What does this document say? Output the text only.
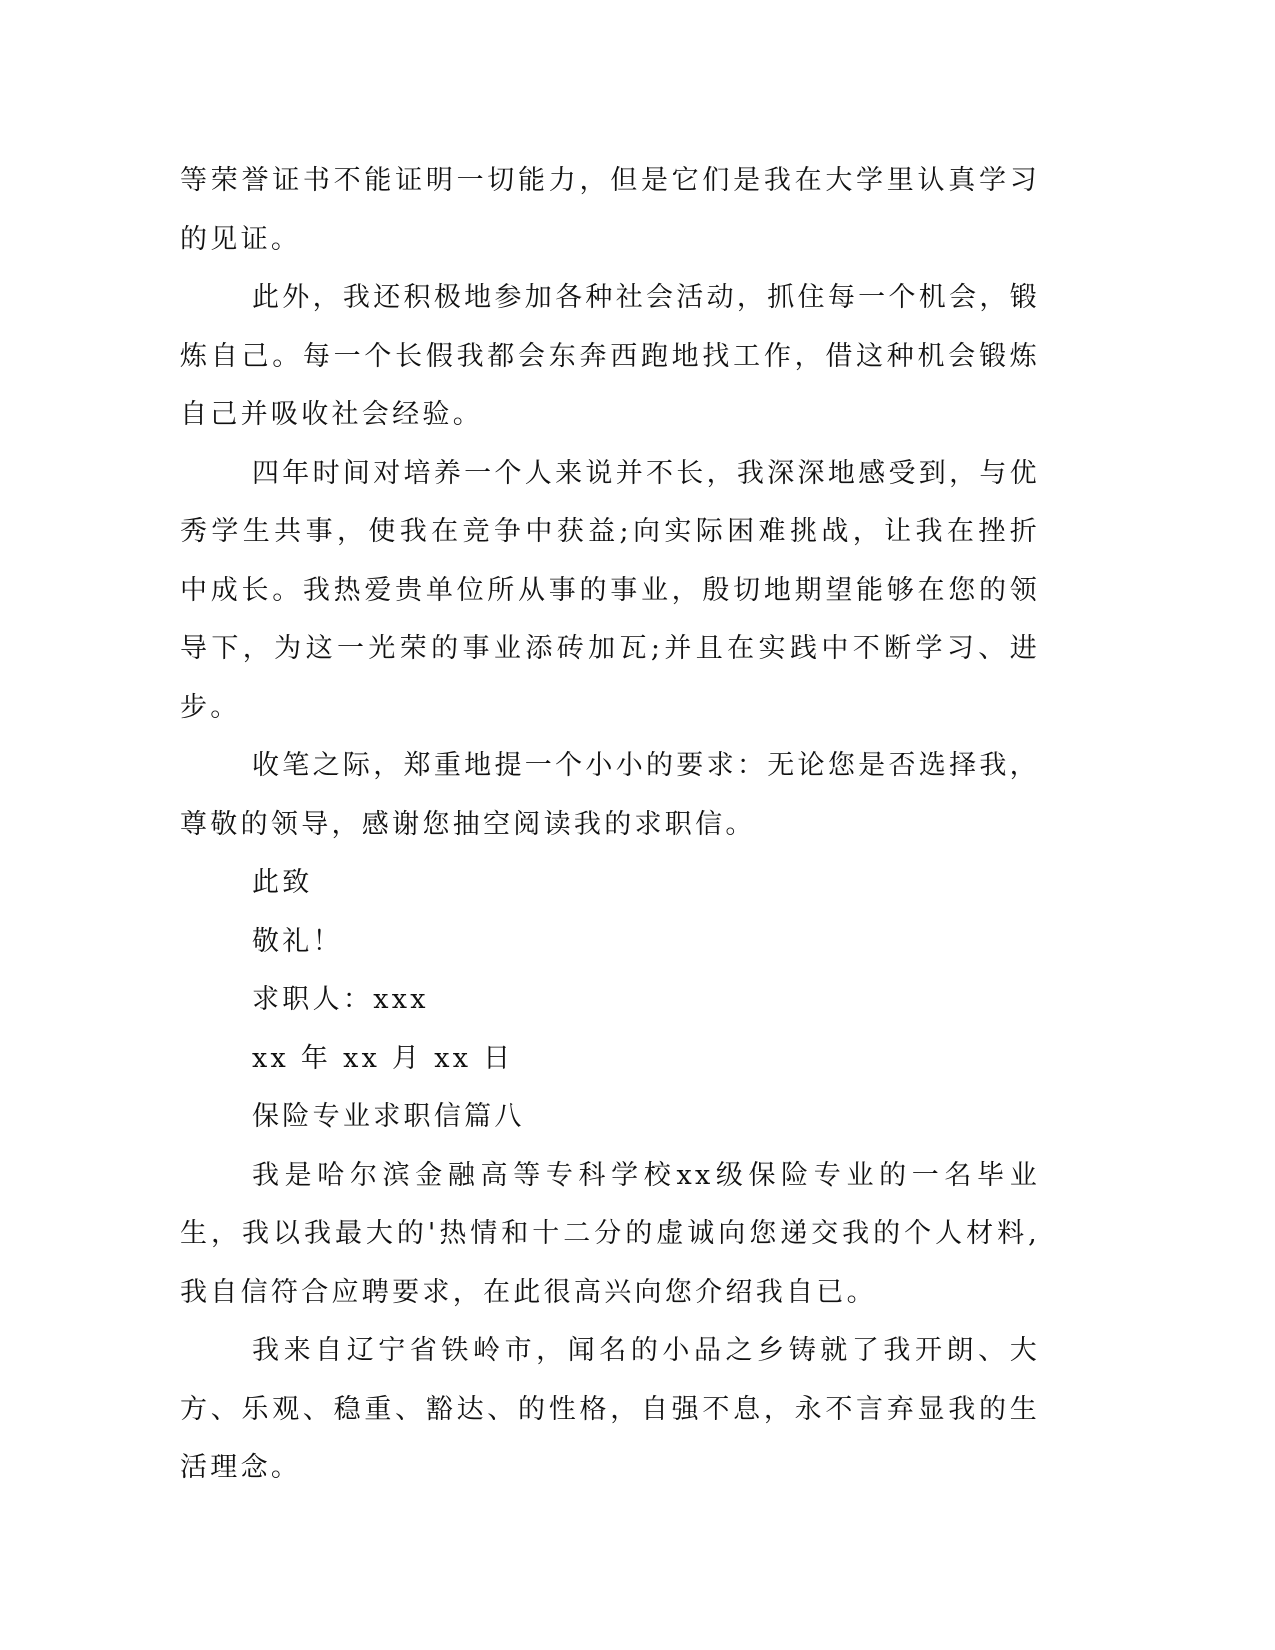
等荣誉证书不能证明一切能力，但是它们是我在大学里认真学习的见证。

此外，我还积极地参加各种社会活动，抓住每一个机会，锻炼自己。每一个长假我都会东奔西跑地找工作，借这种机会锻炼自己并吸收社会经验。

四年时间对培养一个人来说并不长，我深深地感受到，与优秀学生共事，使我在竞争中获益;向实际困难挑战，让我在挫折中成长。我热爱贵单位所从事的事业，殷切地期望能够在您的领导下，为这一光荣的事业添砖加瓦;并且在实践中不断学习、进步。

收笔之际，郑重地提一个小小的要求：无论您是否选择我，尊敬的领导，感谢您抽空阅读我的求职信。

此致

敬礼！

求职人：xxx

xx 年 xx 月 xx 日

保险专业求职信篇八

我是哈尔滨金融高等专科学校xx级保险专业的一名毕业生，我以我最大的'热情和十二分的虚诚向您递交我的个人材料,我自信符合应聘要求，在此很高兴向您介绍我自已。

我来自辽宁省铁岭市，闻名的小品之乡铸就了我开朗、大方、乐观、稳重、豁达、的性格，自强不息，永不言弃显我的生活理念。
